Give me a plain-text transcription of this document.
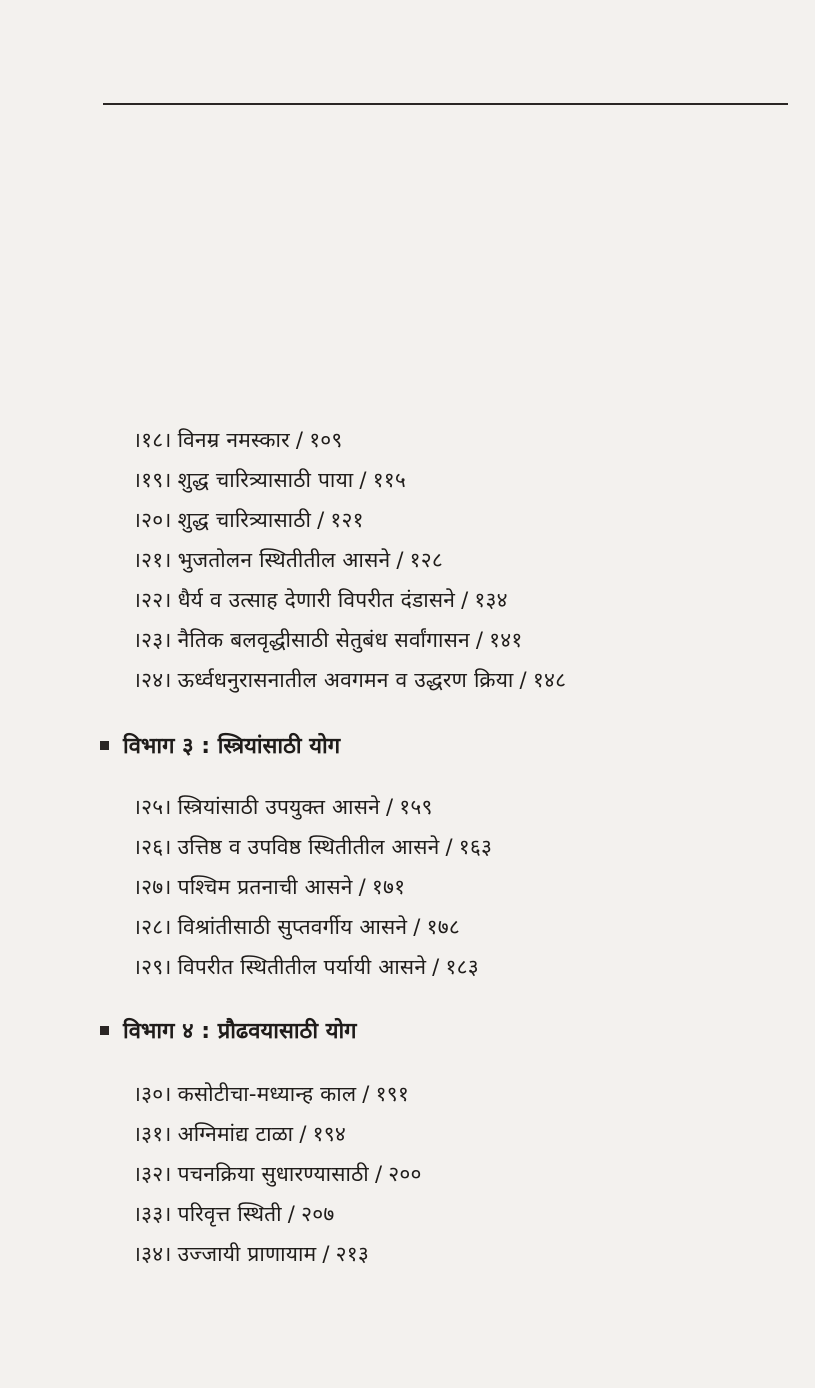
।१८। विनम्र नमस्कार / १०९
।१९। शुद्ध चारित्र्यासाठी पाया / ११५
।२०। शुद्ध चारित्र्यासाठी / १२१
।२१। भुजतोलन स्थितीतील आसने / १२८
।२२। धैर्य व उत्साह देणारी विपरीत दंडासने / १३४
।२३। नैतिक बलवृद्धीसाठी सेतुबंध सर्वांगासन / १४१
।२४। ऊर्ध्वधनुरासनातील अवगमन व उद्धरण क्रिया / १४८
विभाग ३ : स्त्रियांसाठी योग
।२५। स्त्रियांसाठी उपयुक्त आसने / १५९
।२६। उत्तिष्ठ व उपविष्ठ स्थितीतील आसने / १६३
।२७। पश्चिम प्रतनाची आसने / १७१
।२८। विश्रांतीसाठी सुप्तवर्गीय आसने / १७८
।२९। विपरीत स्थितीतील पर्यायी आसने / १८३
विभाग ४ : प्रौढवयासाठी योग
।३०। कसोटीचा-मध्यान्ह काल / १९१
।३१। अग्निमांद्य टाळा / १९४
।३२। पचनक्रिया सुधारण्यासाठी / २००
।३३। परिवृत्त स्थिती / २०७
।३४। उज्जायी प्राणायाम / २१३
